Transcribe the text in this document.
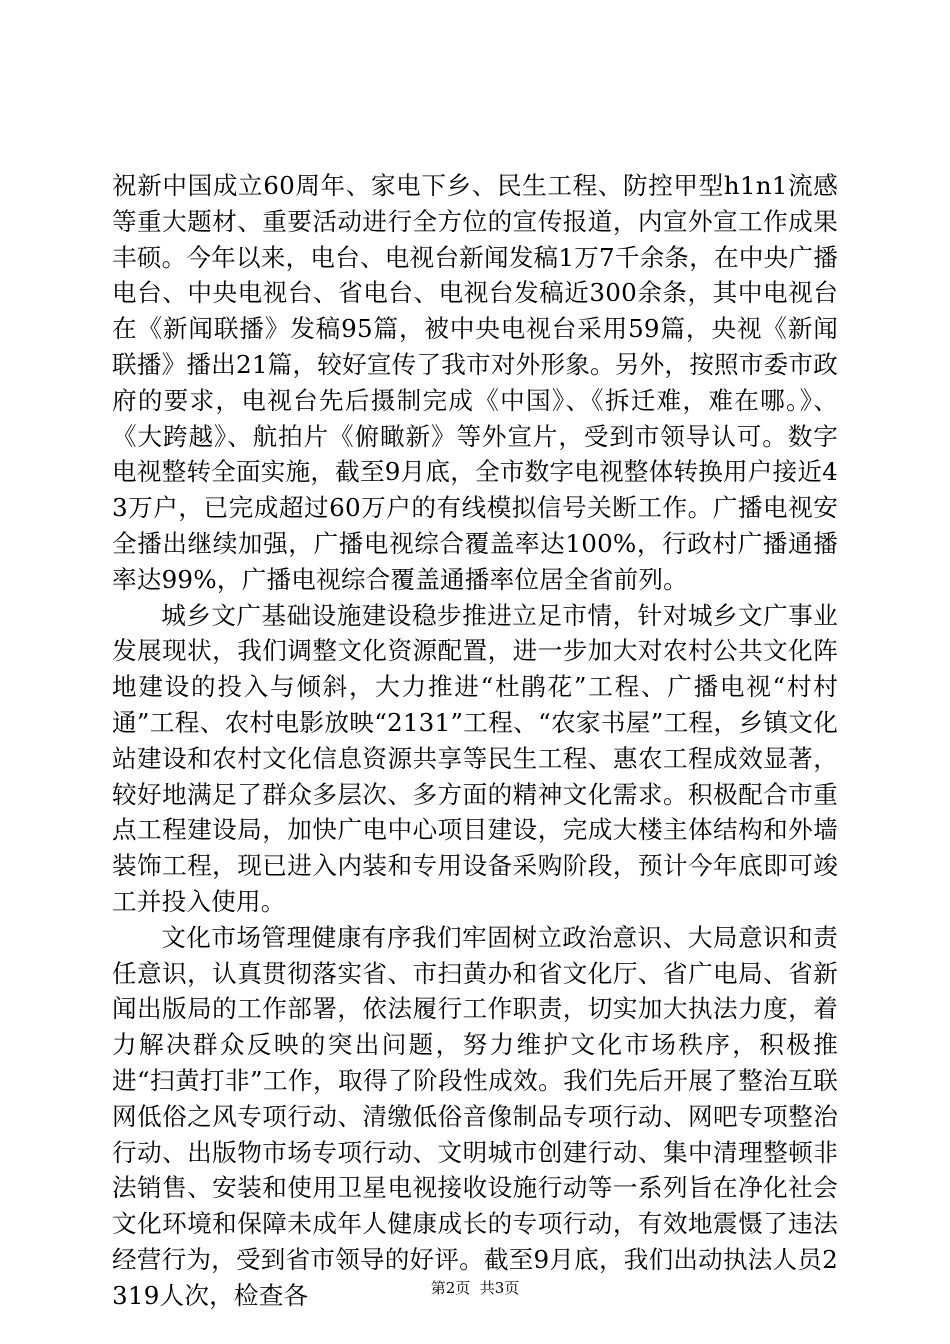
祝新中国成立60周年、家电下乡、民生工程、防控甲型h1n1流感等重大题材、重要活动进行全方位的宣传报道，内宣外宣工作成果丰硕。今年以来，电台、电视台新闻发稿1万7千余条，在中央广播电台、中央电视台、省电台、电视台发稿近300余条，其中电视台在《新闻联播》发稿95篇，被中央电视台采用59篇，央视《新闻联播》播出21篇，较好宣传了我市对外形象。另外，按照市委市政府的要求，电视台先后摄制完成《中国》、《拆迁难，难在哪。》、《大跨越》、航拍片《俯瞰新》等外宣片，受到市领导认可。数字电视整转全面实施，截至9月底，全市数字电视整体转换用户接近43万户，已完成超过60万户的有线模拟信号关断工作。广播电视安全播出继续加强，广播电视综合覆盖率达100%，行政村广播通播率达99%，广播电视综合覆盖通播率位居全省前列。

城乡文广基础设施建设稳步推进立足市情，针对城乡文广事业发展现状，我们调整文化资源配置，进一步加大对农村公共文化阵地建设的投入与倾斜，大力推进“杜鹃花”工程、广播电视“村村通”工程、农村电影放映“2131”工程、“农家书屋”工程，乡镇文化站建设和农村文化信息资源共享等民生工程、惠农工程成效显著，较好地满足了群众多层次、多方面的精神文化需求。积极配合市重点工程建设局，加快广电中心项目建设，完成大楼主体结构和外墙装饰工程，现已进入内装和专用设备采购阶段，预计今年底即可竣工并投入使用。

文化市场管理健康有序我们牢固树立政治意识、大局意识和责任意识，认真贯彻落实省、市扫黄办和省文化厅、省广电局、省新闻出版局的工作部署，依法履行工作职责，切实加大执法力度，着力解决群众反映的突出问题，努力维护文化市场秩序，积极推进“扫黄打非”工作，取得了阶段性成效。我们先后开展了整治互联网低俗之风专项行动、清缴低俗音像制品专项行动、网吧专项整治行动、出版物市场专项行动、文明城市创建行动、集中清理整顿非法销售、安装和使用卫星电视接收设施行动等一系列旨在净化社会文化环境和保障未成年人健康成长的专项行动，有效地震慑了违法经营行为，受到省市领导的好评。截至9月底，我们出动执法人员2319人次，检查各	第2页  共3页
